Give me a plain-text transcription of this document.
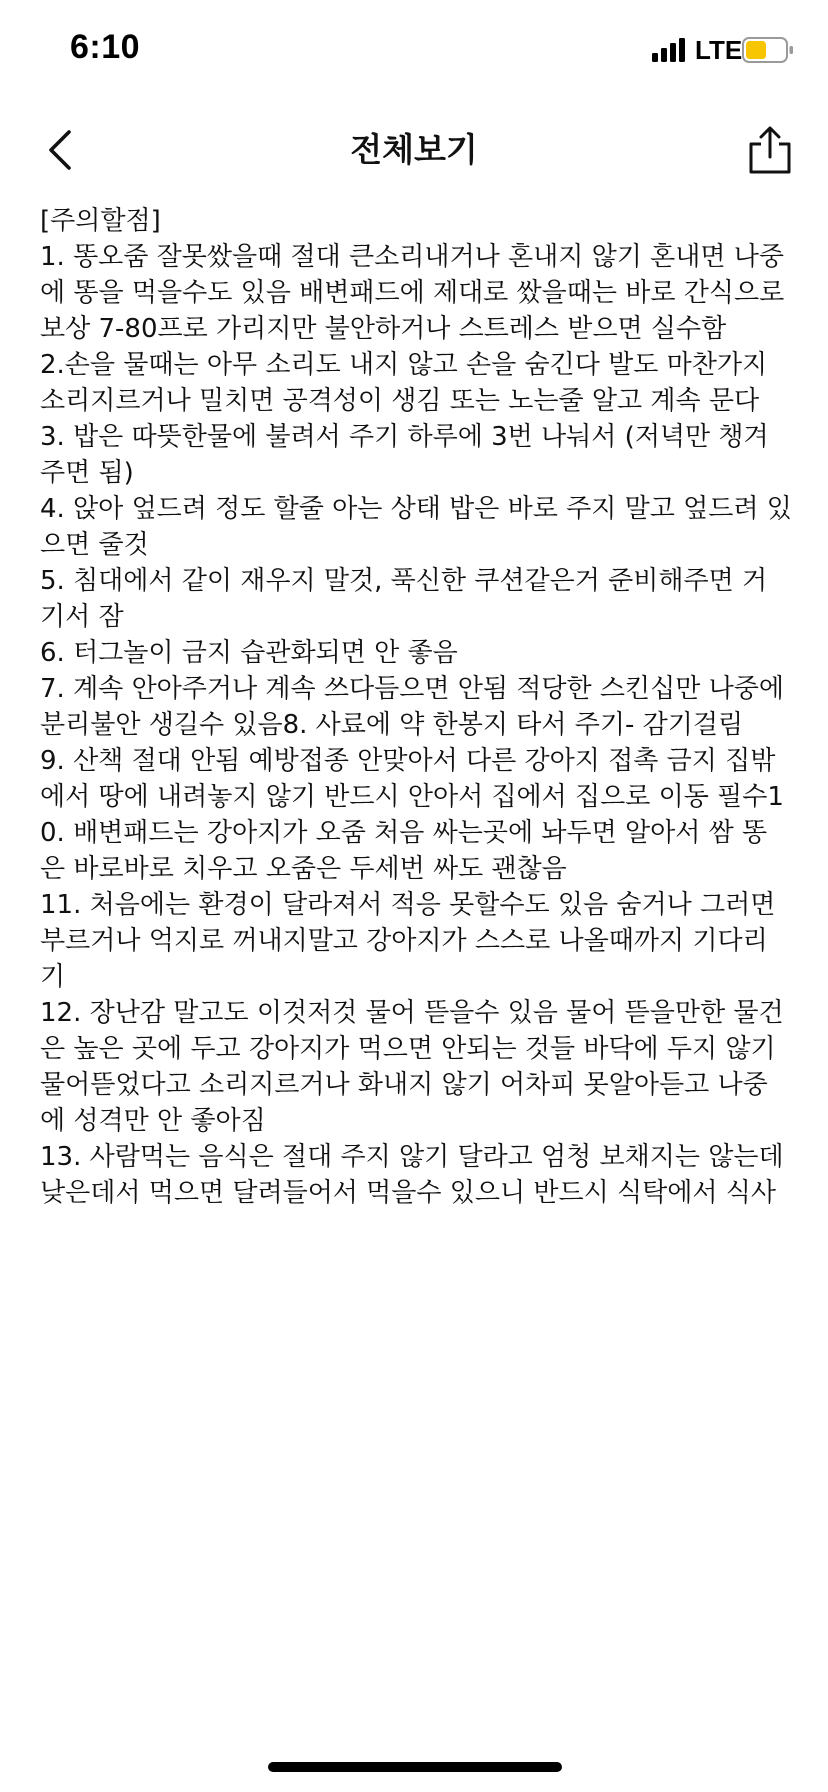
6:10	LTE
전체보기
[주의할점]
1. 똥오줌 잘못쌌을때 절대 큰소리내거나 혼내지 않기 혼내면 나중에 똥을 먹을수도 있음 배변패드에 제대로 쌌을때는 바로 간식으로 보상 7-80프로 가리지만 불안하거나 스트레스 받으면 실수함
2.손을 물때는 아무 소리도 내지 않고 손을 숨긴다 발도 마찬가지 소리지르거나 밀치면 공격성이 생김 또는 노는줄 알고 계속 문다
3. 밥은 따뜻한물에 불려서 주기 하루에 3번 나눠서 (저녁만 챙겨주면 됨)
4. 앉아 엎드려 정도 할줄 아는 상태 밥은 바로 주지 말고 엎드려 있으면 줄것
5. 침대에서 같이 재우지 말것, 푹신한 쿠션같은거 준비해주면 거기서 잠
6. 터그놀이 금지 습관화되면 안 좋음
7. 계속 안아주거나 계속 쓰다듬으면 안됨 적당한 스킨십만 나중에 분리불안 생길수 있음8. 사료에 약 한봉지 타서 주기- 감기걸림
9. 산책 절대 안됨 예방접종 안맞아서 다른 강아지 접촉 금지 집밖에서 땅에 내려놓지 않기 반드시 안아서 집에서 집으로 이동 필수10. 배변패드는 강아지가 오줌 처음 싸는곳에 놔두면 알아서 쌈 똥은 바로바로 치우고 오줌은 두세번 싸도 괜찮음
11. 처음에는 환경이 달라져서 적응 못할수도 있음 숨거나 그러면 부르거나 억지로 꺼내지말고 강아지가 스스로 나올때까지 기다리기
12. 장난감 말고도 이것저것 물어 뜯을수 있음 물어 뜯을만한 물건은 높은 곳에 두고 강아지가 먹으면 안되는 것들 바닥에 두지 않기 물어뜯었다고 소리지르거나 화내지 않기 어차피 못알아듣고 나중에 성격만 안 좋아짐
13. 사람먹는 음식은 절대 주지 않기 달라고 엄청 보채지는 않는데 낮은데서 먹으면 달려들어서 먹을수 있으니 반드시 식탁에서 식사
